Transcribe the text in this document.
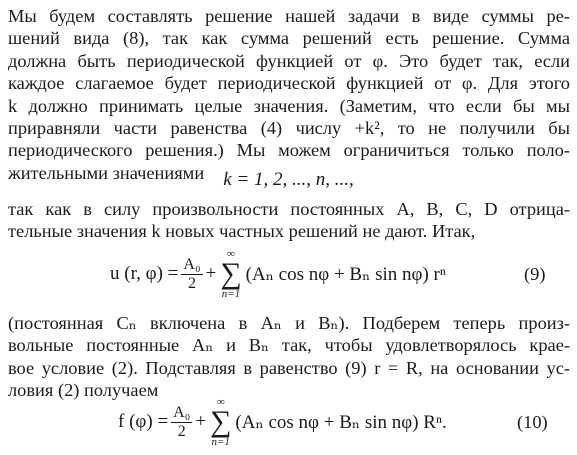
Мы будем составлять решение нашей задачи в виде суммы ре-
шений вида (8), так как сумма решений есть решение. Сумма
должна быть периодической функцией от φ. Это будет так, если
каждое слагаемое будет периодической функцией от φ. Для этого
k должно принимать целые значения. (Заметим, что если бы мы
приравняли части равенства (4) числу +k², то не получили бы
периодического решения.) Мы можем ограничиться только поло-
жительными значениями	k = 1, 2, ..., n, ...,
так как в силу произвольности постоянных A, B, C, D отрица-
тельные значения k новых частных решений не дают. Итак,
u (r, $\varphi) = \frac{\text{A₀}}{2}$ +
∞
∑
n=1
(Aₙ cos nφ + Bₙ sin nφ) rⁿ	(9)
(постоянная Cₙ включена в Aₙ и Bₙ). Подберем теперь произ-
вольные постоянные Aₙ и Bₙ так, чтобы удовлетворялось крае-
вое условие (2). Подставляя в равенство (9) r = R, на основании ус-
ловия (2) получаем
f $(\varphi) = \frac{\text{A₀}}{2}$ +
∞
∑
n=1
(Aₙ cos nφ + Bₙ sin nφ) Rⁿ.	(10)
